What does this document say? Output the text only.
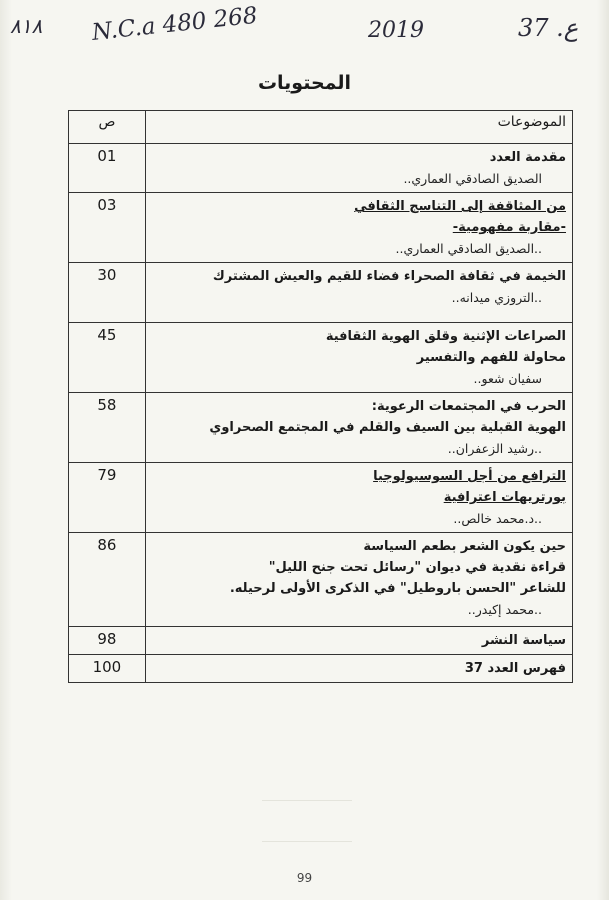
٨١٨ N.C.a 480 268	2019	ع. 37
المحتويات
الموضوعات	ص

مقدمة العدد
الصديق الصادقي العماري..	01

من المثاقفة إلى التناسج الثقافي
-مقاربة مفهومية-
..الصديق الصادقي العماري..	03

الخيمة في ثقافة الصحراء فضاء للقيم والعيش المشترك
..التروزي ميدانه..	30

الصراعات الإثنية وقلق الهوية الثقافية
محاولة للفهم والتفسير
سفيان شعو..	45

الحرب في المجتمعات الرعوية:
الهوية القبلية بين السيف والقلم في المجتمع الصحراوي
..رشيد الزعفران..	58

الترافع من أجل السوسيولوجيا
بورتريهات اعترافية
..د.محمد خالص..	79

حين يكون الشعر بطعم السياسة
قراءة نقدية في ديوان "رسائل تحت جنح الليل"
للشاعر "الحسن باروطيل" في الذكرى الأولى لرحيله.
..محمد إكيدر..	86

سياسة النشر	98

فهرس العدد 37	100
99
